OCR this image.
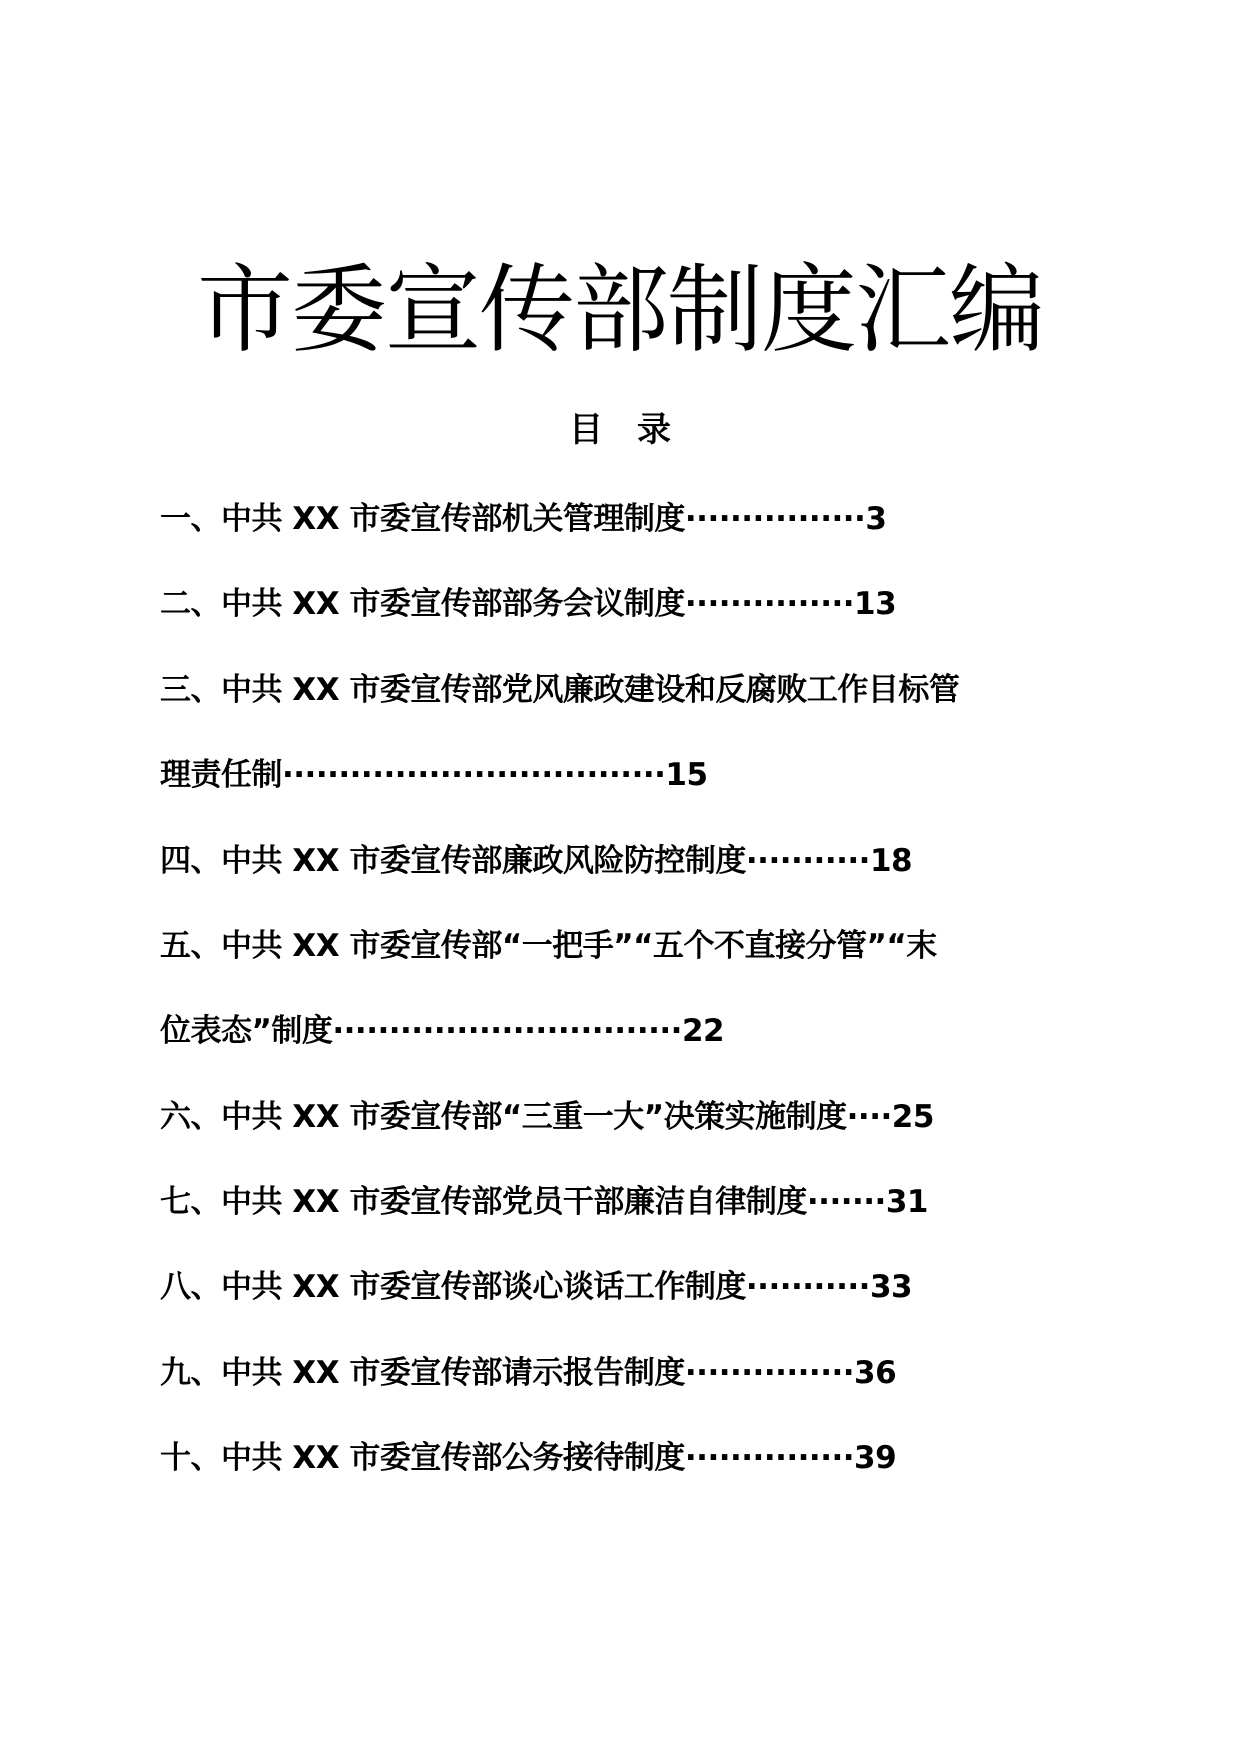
市委宣传部制度汇编
目 录
一、中共 XX 市委宣传部机关管理制度················3
二、中共 XX 市委宣传部部务会议制度···············13
三、中共 XX 市委宣传部党风廉政建设和反腐败工作目标管
理责任制··································15
四、中共 XX 市委宣传部廉政风险防控制度···········18
五、中共 XX 市委宣传部“一把手”“五个不直接分管”“末
位表态”制度·······························22
六、中共 XX 市委宣传部“三重一大”决策实施制度····25
七、中共 XX 市委宣传部党员干部廉洁自律制度·······31
八、中共 XX 市委宣传部谈心谈话工作制度···········33
九、中共 XX 市委宣传部请示报告制度···············36
十、中共 XX 市委宣传部公务接待制度···············39
